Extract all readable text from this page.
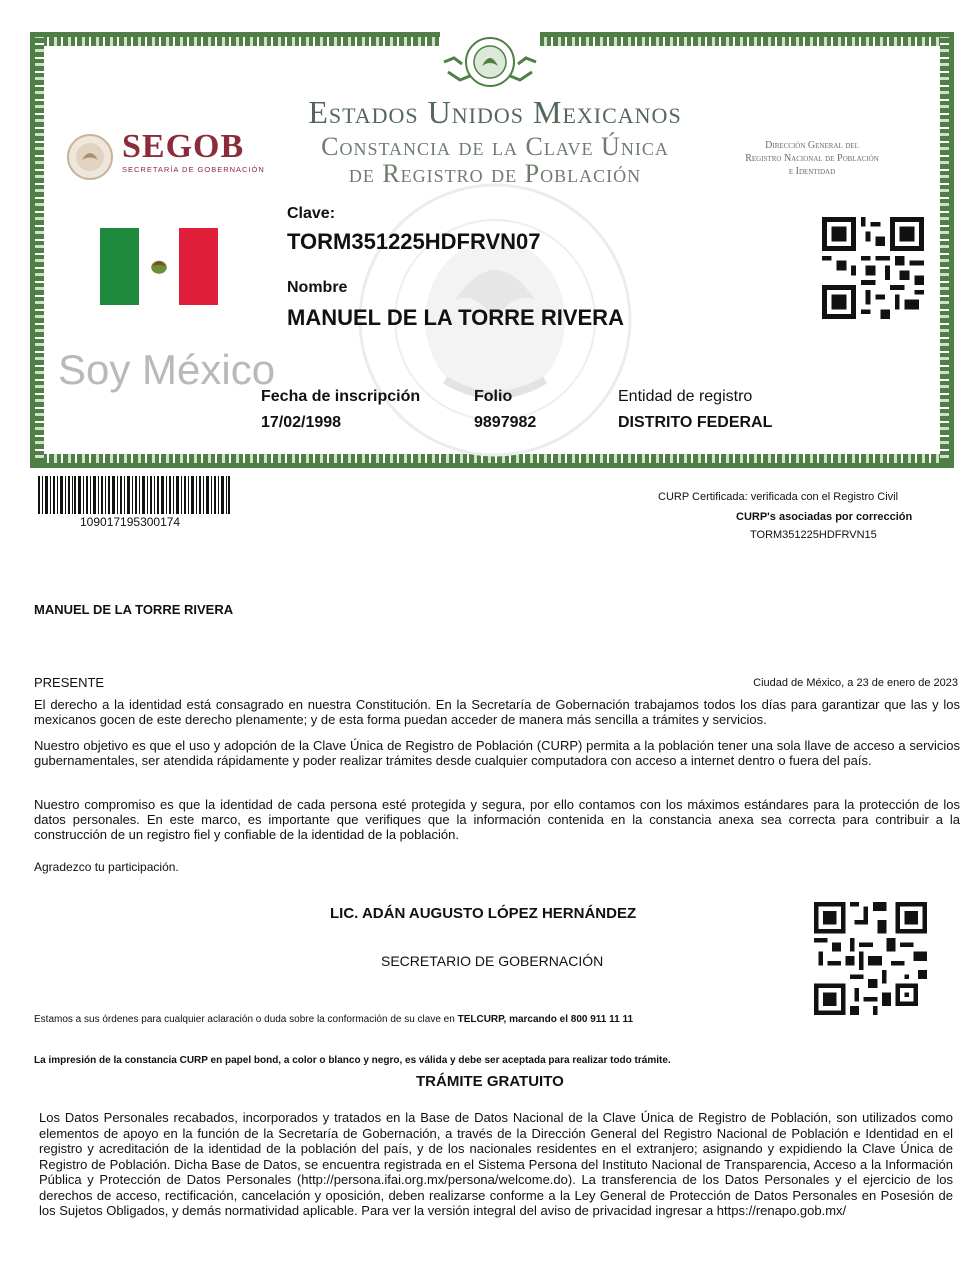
Estados Unidos Mexicanos
Constancia de la Clave Única
de Registro de Población
SEGOB
SECRETARÍA DE GOBERNACIÓN
Dirección General del
Registro Nacional de Población
e Identidad
Soy México
Clave:
TORM351225HDFRVN07
Nombre
MANUEL DE LA TORRE RIVERA
Fecha de inscripción
17/02/1998
Folio
9897982
Entidad de registro
DISTRITO FEDERAL
109017195300174
CURP Certificada: verificada con el Registro Civil
CURP's asociadas por corrección
TORM351225HDFRVN15
MANUEL DE LA TORRE RIVERA
PRESENTE	Ciudad de México, a 23 de enero de 2023
El derecho a la identidad está consagrado en nuestra Constitución. En la Secretaría de Gobernación trabajamos todos los días para garantizar que las y los mexicanos gocen de este derecho plenamente; y de esta forma puedan acceder de manera más sencilla a trámites y servicios.
Nuestro objetivo es que el uso y adopción de la Clave Única de Registro de Población (CURP) permita a la población tener una sola llave de acceso a servicios gubernamentales, ser atendida rápidamente y poder realizar trámites desde cualquier computadora con acceso a internet dentro o fuera del país.
Nuestro compromiso es que la identidad de cada persona esté protegida y segura, por ello contamos con los máximos estándares para la protección de los datos personales. En este marco, es importante que verifiques que la información contenida en la constancia anexa sea correcta para contribuir a la construcción de un registro fiel y confiable de la identidad de la población.
Agradezco tu participación.
LIC. ADÁN AUGUSTO LÓPEZ HERNÁNDEZ
SECRETARIO DE GOBERNACIÓN
Estamos a sus órdenes para cualquier aclaración o duda sobre la conformación de su clave en TELCURP, marcando el 800 911 11 11
La impresión de la constancia CURP en papel bond, a color o blanco y negro, es válida y debe ser aceptada para realizar todo trámite.
TRÁMITE GRATUITO
Los Datos Personales recabados, incorporados y tratados en la Base de Datos Nacional de la Clave Única de Registro de Población, son utilizados como elementos de apoyo en la función de la Secretaría de Gobernación, a través de la Dirección General del Registro Nacional de Población e Identidad en el registro y acreditación de la identidad de la población del país, y de los nacionales residentes en el extranjero; asignando y expidiendo la Clave Única de Registro de Población. Dicha Base de Datos, se encuentra registrada en el Sistema Persona del Instituto Nacional de Transparencia, Acceso a la Información Pública y Protección de Datos Personales (http://persona.ifai.org.mx/persona/welcome.do). La transferencia de los Datos Personales y el ejercicio de los derechos de acceso, rectificación, cancelación y oposición, deben realizarse conforme a la Ley General de Protección de Datos Personales en Posesión de los Sujetos Obligados, y demás normatividad aplicable. Para ver la versión integral del aviso de privacidad ingresar a https://renapo.gob.mx/
